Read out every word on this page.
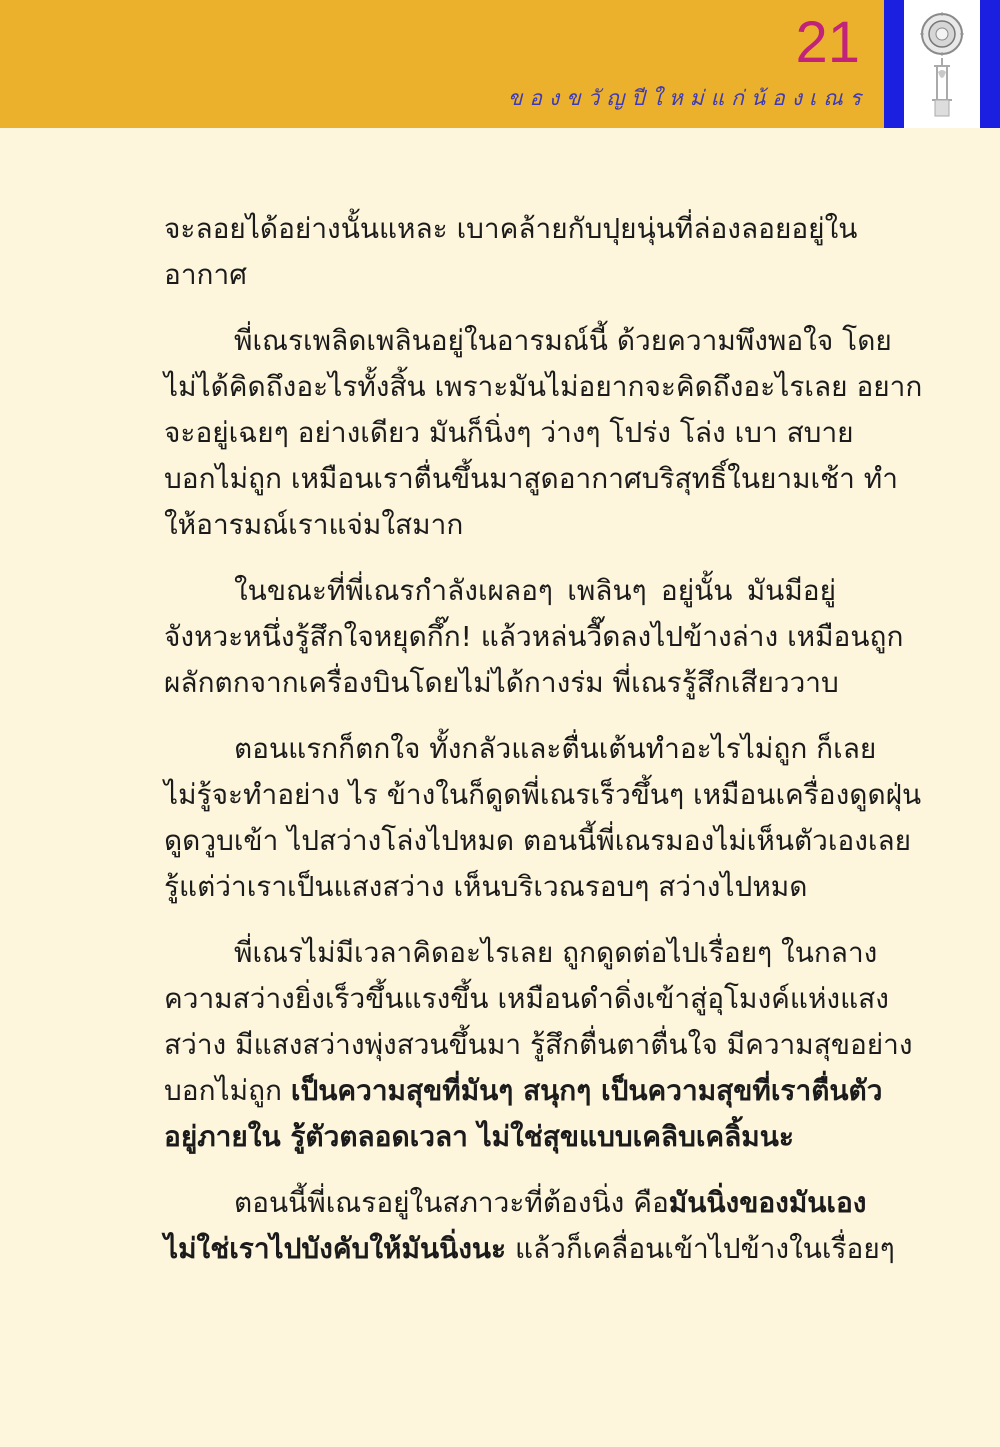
21
ของขวัญปีใหม่แก่น้องเณร
จะลอยได้อย่างนั้นแหละ เบาคล้ายกับปุยนุ่นที่ล่องลอยอยู่ใน
อากาศ
พี่เณรเพลิดเพลินอยู่ในอารมณ์นี้ ด้วยความพึงพอใจ โดย
ไม่ได้คิดถึงอะไรทั้งสิ้น เพราะมันไม่อยากจะคิดถึงอะไรเลย อยาก
จะอยู่เฉยๆ อย่างเดียว มันก็นิ่งๆ ว่างๆ โปร่ง โล่ง เบา สบาย
บอกไม่ถูก เหมือนเราตื่นขึ้นมาสูดอากาศบริสุทธิ์ในยามเช้า ทำ
ให้อารมณ์เราแจ่มใสมาก
ในขณะที่พี่เณรกำลังเผลอๆ เพลินๆ อยู่นั้น มันมีอยู่
จังหวะหนึ่งรู้สึกใจหยุดกึ๊ก! แล้วหล่นวื๊ดลงไปข้างล่าง เหมือนถูก
ผลักตกจากเครื่องบินโดยไม่ได้กางร่ม พี่เณรรู้สึกเสียววาบ
ตอนแรกก็ตกใจ ทั้งกลัวและตื่นเต้นทำอะไรไม่ถูก ก็เลย
ไม่รู้จะทำอย่าง ไร ข้างในก็ดูดพี่เณรเร็วขึ้นๆ เหมือนเครื่องดูดฝุ่น
ดูดวูบเข้า ไปสว่างโล่งไปหมด ตอนนี้พี่เณรมองไม่เห็นตัวเองเลย
รู้แต่ว่าเราเป็นแสงสว่าง เห็นบริเวณรอบๆ สว่างไปหมด
พี่เณรไม่มีเวลาคิดอะไรเลย ถูกดูดต่อไปเรื่อยๆ ในกลาง
ความสว่างยิ่งเร็วขึ้นแรงขึ้น เหมือนดำดิ่งเข้าสู่อุโมงค์แห่งแสง
สว่าง มีแสงสว่างพุ่งสวนขึ้นมา รู้สึกตื่นตาตื่นใจ มีความสุขอย่าง
บอกไม่ถูก เป็นความสุขที่มันๆ สนุกๆ เป็นความสุขที่เราตื่นตัว
อยู่ภายใน รู้ตัวตลอดเวลา ไม่ใช่สุขแบบเคลิบเคลิ้มนะ
ตอนนี้พี่เณรอยู่ในสภาวะที่ต้องนิ่ง คือมันนิ่งของมันเอง
ไม่ใช่เราไปบังคับให้มันนิ่งนะ แล้วก็เคลื่อนเข้าไปข้างในเรื่อยๆ
